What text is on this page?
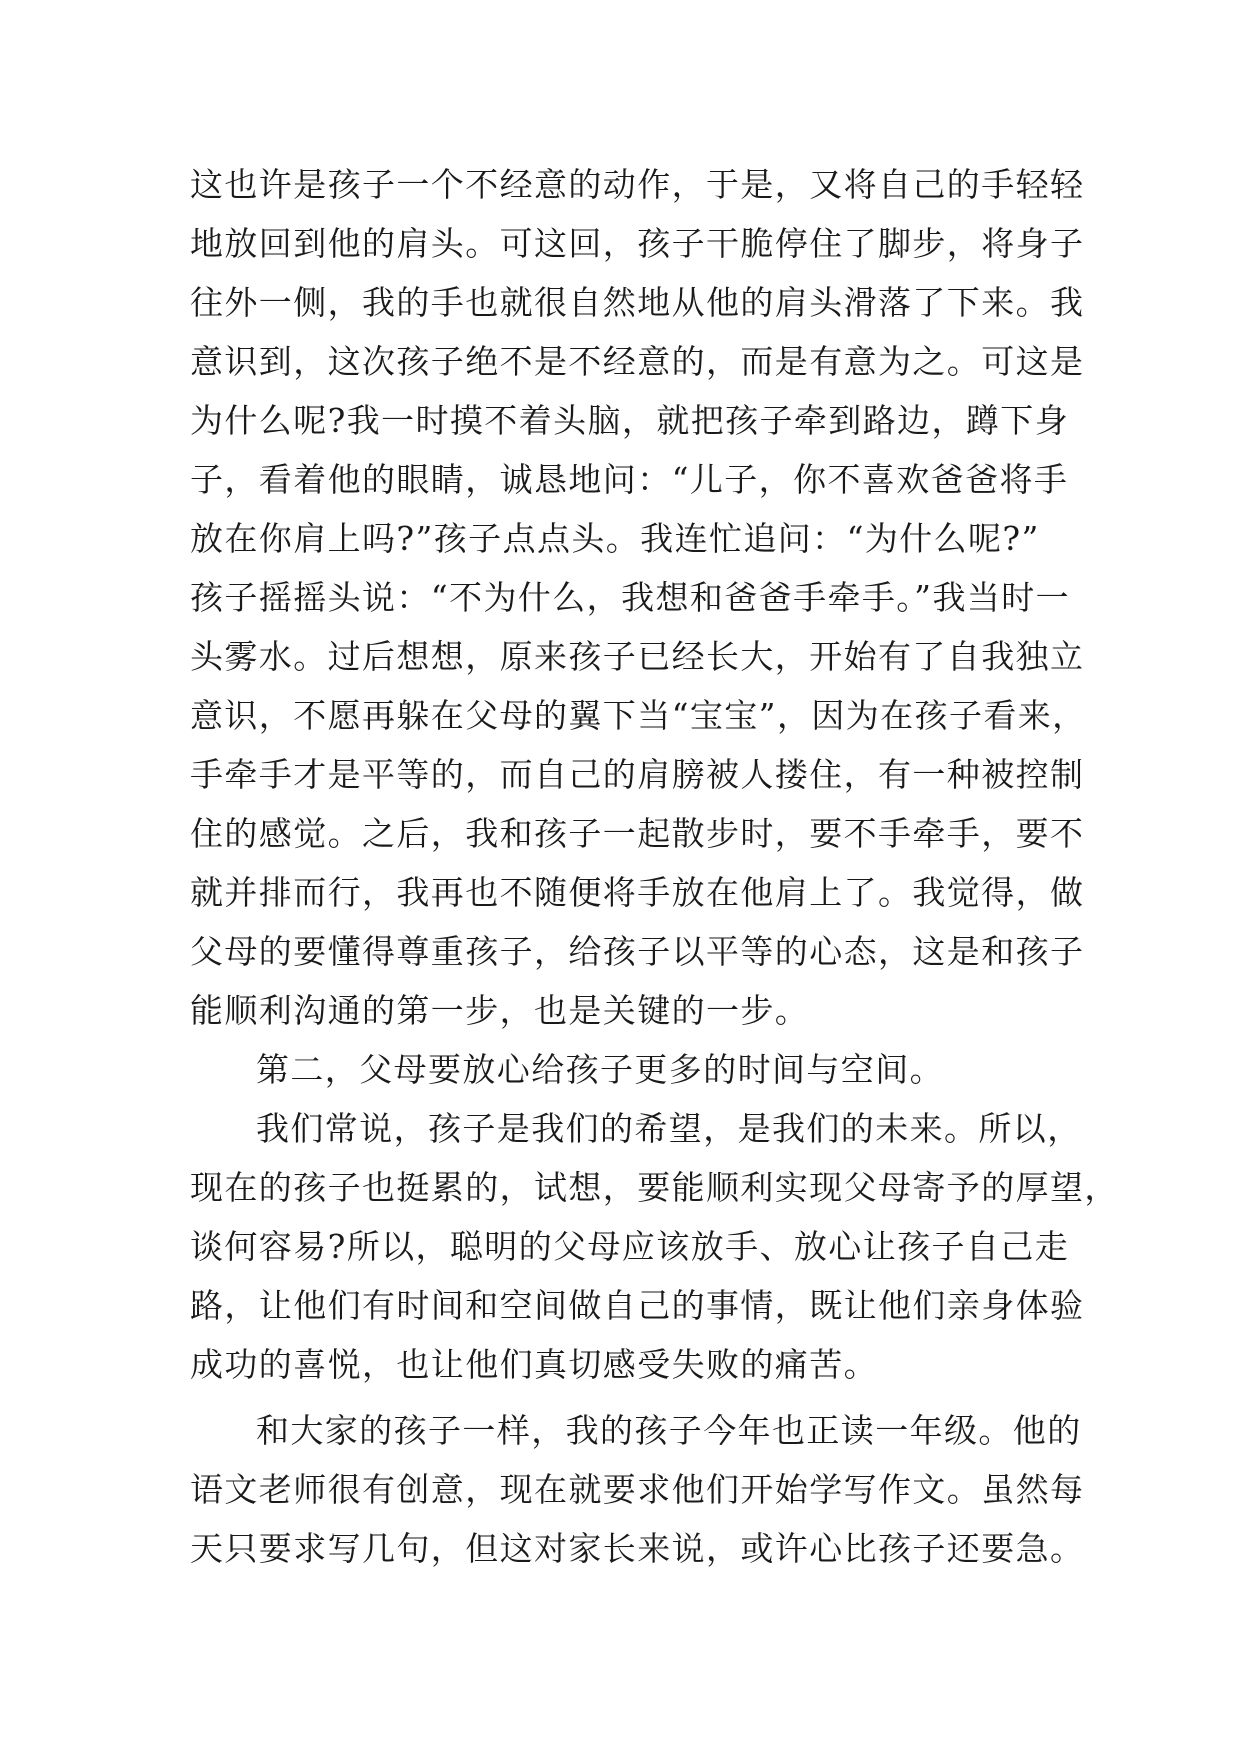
这也许是孩子一个不经意的动作，于是，又将自己的手轻轻
地放回到他的肩头。可这回，孩子干脆停住了脚步，将身子
往外一侧，我的手也就很自然地从他的肩头滑落了下来。我
意识到，这次孩子绝不是不经意的，而是有意为之。可这是
为什么呢?我一时摸不着头脑，就把孩子牵到路边，蹲下身
子，看着他的眼睛，诚恳地问：“儿子，你不喜欢爸爸将手
放在你肩上吗?”孩子点点头。我连忙追问：“为什么呢?”
孩子摇摇头说：“不为什么，我想和爸爸手牵手。”我当时一
头雾水。过后想想，原来孩子已经长大，开始有了自我独立
意识，不愿再躲在父母的翼下当“宝宝”，因为在孩子看来，
手牵手才是平等的，而自己的肩膀被人搂住，有一种被控制
住的感觉。之后，我和孩子一起散步时，要不手牵手，要不
就并排而行，我再也不随便将手放在他肩上了。我觉得，做
父母的要懂得尊重孩子，给孩子以平等的心态，这是和孩子
能顺利沟通的第一步，也是关键的一步。
第二，父母要放心给孩子更多的时间与空间。
我们常说，孩子是我们的希望，是我们的未来。所以，
现在的孩子也挺累的，试想，要能顺利实现父母寄予的厚望，
谈何容易?所以，聪明的父母应该放手、放心让孩子自己走
路，让他们有时间和空间做自己的事情，既让他们亲身体验
成功的喜悦，也让他们真切感受失败的痛苦。
和大家的孩子一样，我的孩子今年也正读一年级。他的
语文老师很有创意，现在就要求他们开始学写作文。虽然每
天只要求写几句，但这对家长来说，或许心比孩子还要急。
